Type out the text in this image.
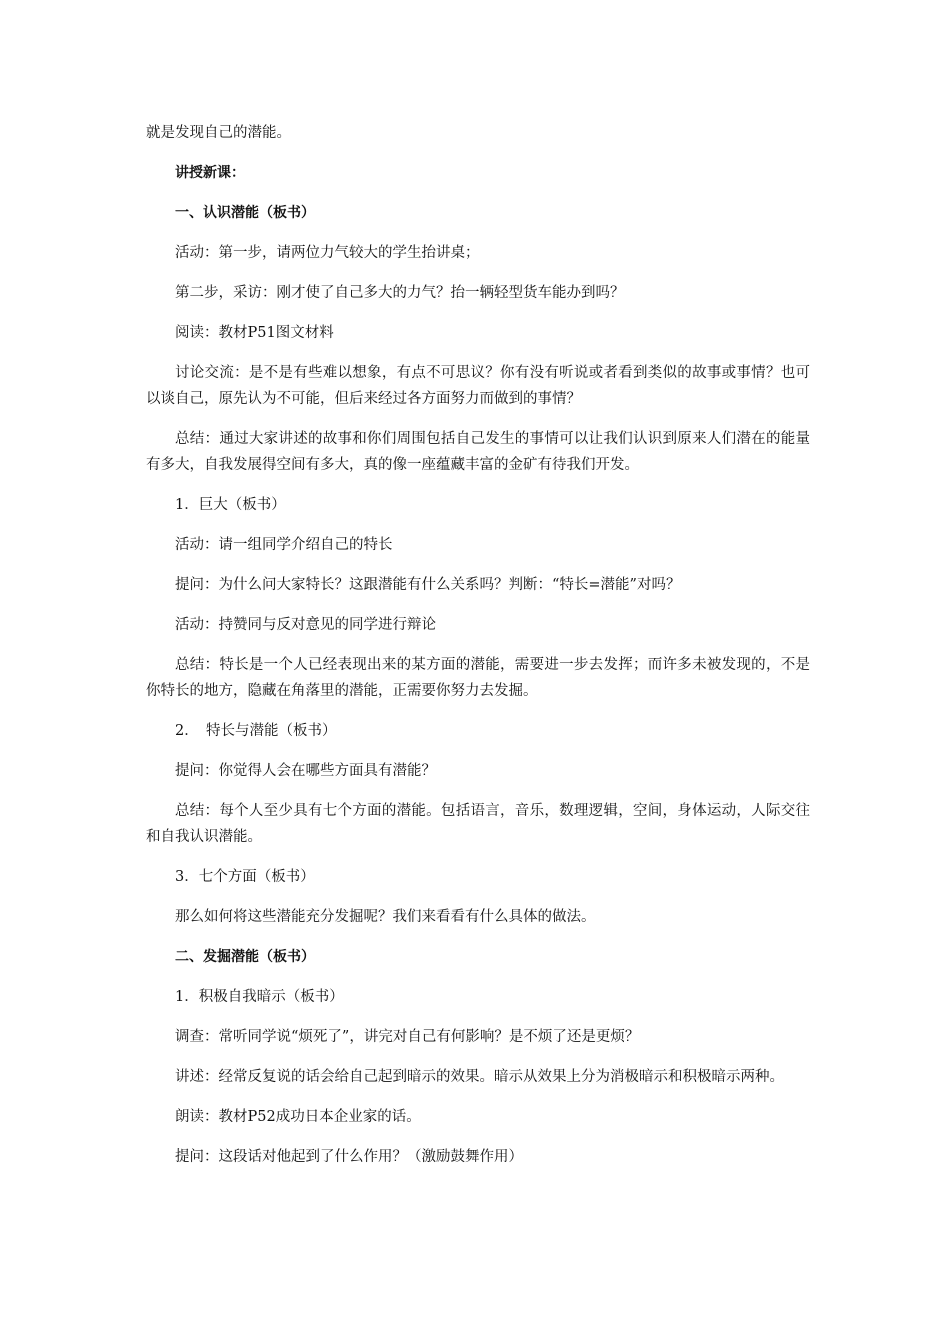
就是发现自己的潜能。

讲授新课：

一、认识潜能（板书）

活动：第一步，请两位力气较大的学生抬讲桌；

第二步，采访：刚才使了自己多大的力气？抬一辆轻型货车能办到吗？

阅读：教材P51图文材料

讨论交流：是不是有些难以想象，有点不可思议？你有没有听说或者看到类似的故事或事情？也可以谈自己，原先认为不可能，但后来经过各方面努力而做到的事情？

总结：通过大家讲述的故事和你们周围包括自己发生的事情可以让我们认识到原来人们潜在的能量有多大，自我发展得空间有多大，真的像一座蕴藏丰富的金矿有待我们开发。

1．巨大（板书）

活动：请一组同学介绍自己的特长

提问：为什么问大家特长？这跟潜能有什么关系吗？判断：“特长=潜能”对吗？

活动：持赞同与反对意见的同学进行辩论

总结：特长是一个人已经表现出来的某方面的潜能，需要进一步去发挥；而许多未被发现的，不是你特长的地方，隐藏在角落里的潜能，正需要你努力去发掘。

2．　特长与潜能（板书）

提问：你觉得人会在哪些方面具有潜能？

总结：每个人至少具有七个方面的潜能。包括语言，音乐，数理逻辑，空间，身体运动，人际交往和自我认识潜能。

3．七个方面（板书）

那么如何将这些潜能充分发掘呢？我们来看看有什么具体的做法。

二、发掘潜能（板书）

1．积极自我暗示（板书）

调查：常听同学说“烦死了”，讲完对自己有何影响？是不烦了还是更烦？

讲述：经常反复说的话会给自己起到暗示的效果。暗示从效果上分为消极暗示和积极暗示两种。

朗读：教材P52成功日本企业家的话。

提问：这段话对他起到了什么作用？（激励鼓舞作用）
